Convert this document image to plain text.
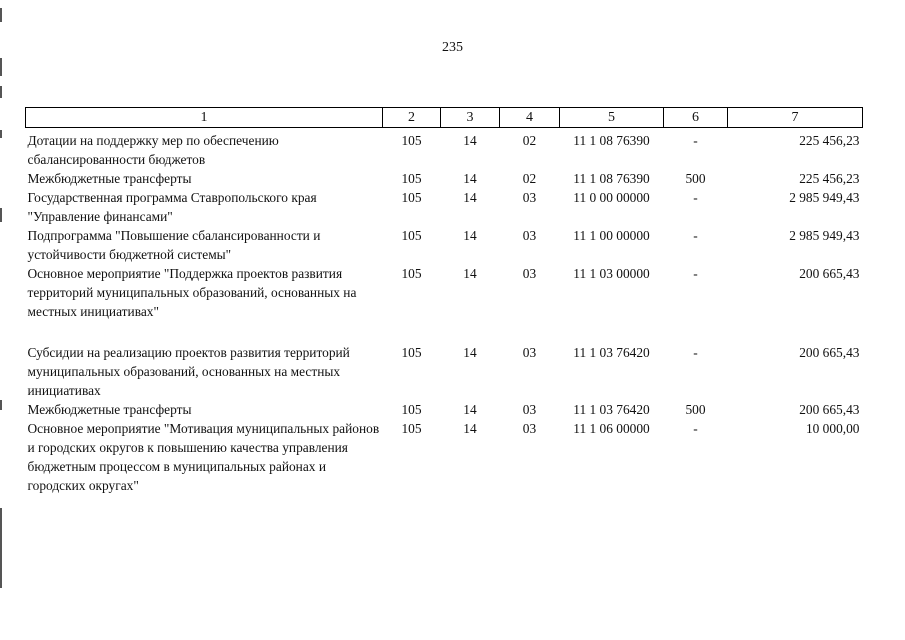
235
1	2	3	4	5	6	7
Дотации на поддержку мер по обеспечению сбалансированности бюджетов	105	14	02	11 1 08 76390	-	225 456,23
Межбюджетные трансферты	105	14	02	11 1 08 76390	500	225 456,23
Государственная программа Ставропольского края "Управление финансами"	105	14	03	11 0 00 00000	-	2 985 949,43
Подпрограмма "Повышение сбалансированности и устойчивости бюджетной системы"	105	14	03	11 1 00 00000	-	2 985 949,43
Основное мероприятие "Поддержка проектов развития территорий муниципальных образований, основанных на местных инициативах"	105	14	03	11 1 03 00000	-	200 665,43
Субсидии на реализацию проектов развития территорий муниципальных образований, основанных на местных инициативах	105	14	03	11 1 03 76420	-	200 665,43
Межбюджетные трансферты	105	14	03	11 1 03 76420	500	200 665,43
Основное мероприятие "Мотивация муниципальных районов и городских округов к повышению качества управления бюджетным процессом в муниципальных районах и городских округах"	105	14	03	11 1 06 00000	-	10 000,00
